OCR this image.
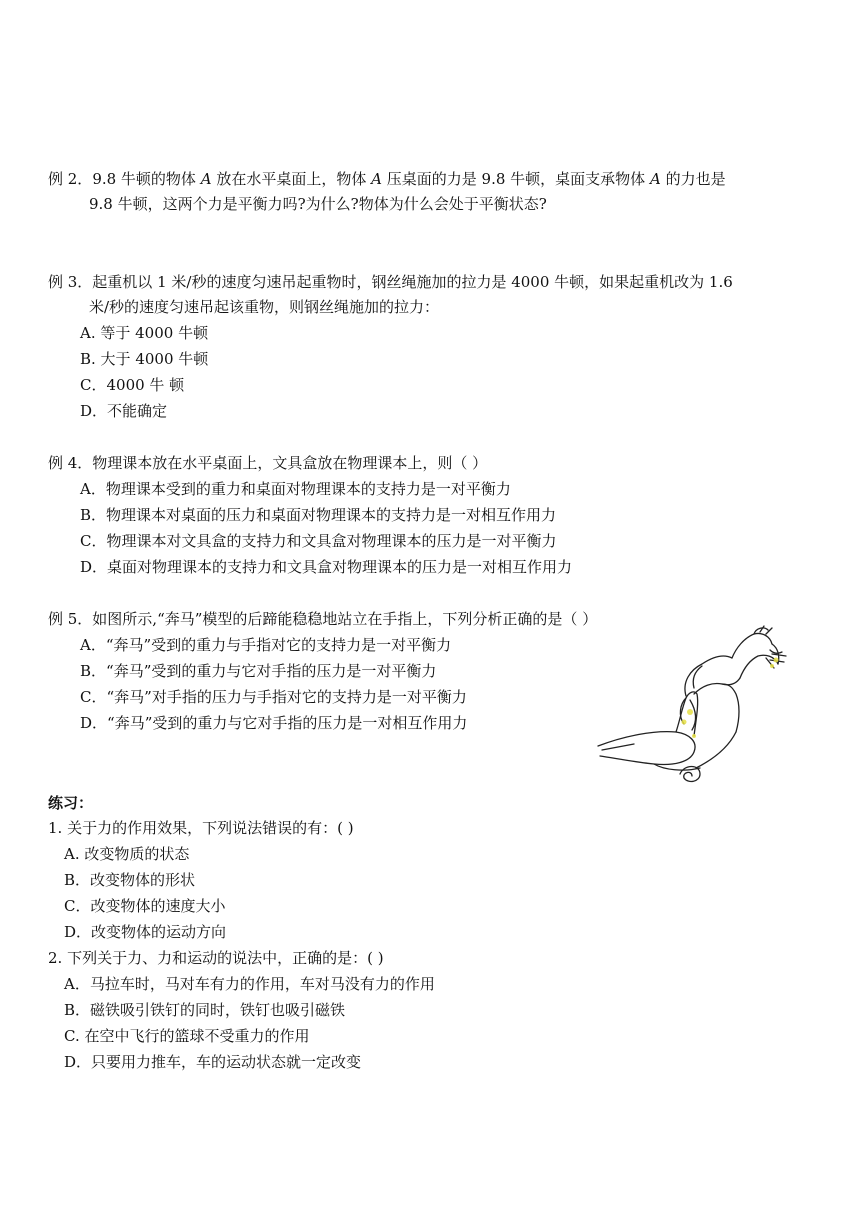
例 2．9.8 牛顿的物体 A 放在水平桌面上，物体 A 压桌面的力是 9.8 牛顿，桌面支承物体 A 的力也是
9.8 牛顿，这两个力是平衡力吗?为什么?物体为什么会处于平衡状态?
例 3．起重机以 1 米/秒的速度匀速吊起重物时，钢丝绳施加的拉力是 4000 牛顿，如果起重机改为 1.6
米/秒的速度匀速吊起该重物，则钢丝绳施加的拉力：
A. 等于 4000 牛顿
B. 大于 4000 牛顿
C．4000 牛 顿
D．不能确定
例 4．物理课本放在水平桌面上，文具盒放在物理课本上，则（ ）
A．物理课本受到的重力和桌面对物理课本的支持力是一对平衡力
B．物理课本对桌面的压力和桌面对物理课本的支持力是一对相互作用力
C．物理课本对文具盒的支持力和文具盒对物理课本的压力是一对平衡力
D．桌面对物理课本的支持力和文具盒对物理课本的压力是一对相互作用力
例 5．如图所示,“奔马”模型的后蹄能稳稳地站立在手指上，下列分析正确的是（ ）
A．“奔马”受到的重力与手指对它的支持力是一对平衡力
B．“奔马”受到的重力与它对手指的压力是一对平衡力
C．“奔马”对手指的压力与手指对它的支持力是一对平衡力
D．“奔马”受到的重力与它对手指的压力是一对相互作用力
练习：
1. 关于力的作用效果，下列说法错误的有：( )
A. 改变物质的状态
B．改变物体的形状
C．改变物体的速度大小
D．改变物体的运动方向
2. 下列关于力、力和运动的说法中，正确的是：( )
A．马拉车时，马对车有力的作用，车对马没有力的作用
B．磁铁吸引铁钉的同时，铁钉也吸引磁铁
C. 在空中飞行的篮球不受重力的作用
D．只要用力推车，车的运动状态就一定改变
